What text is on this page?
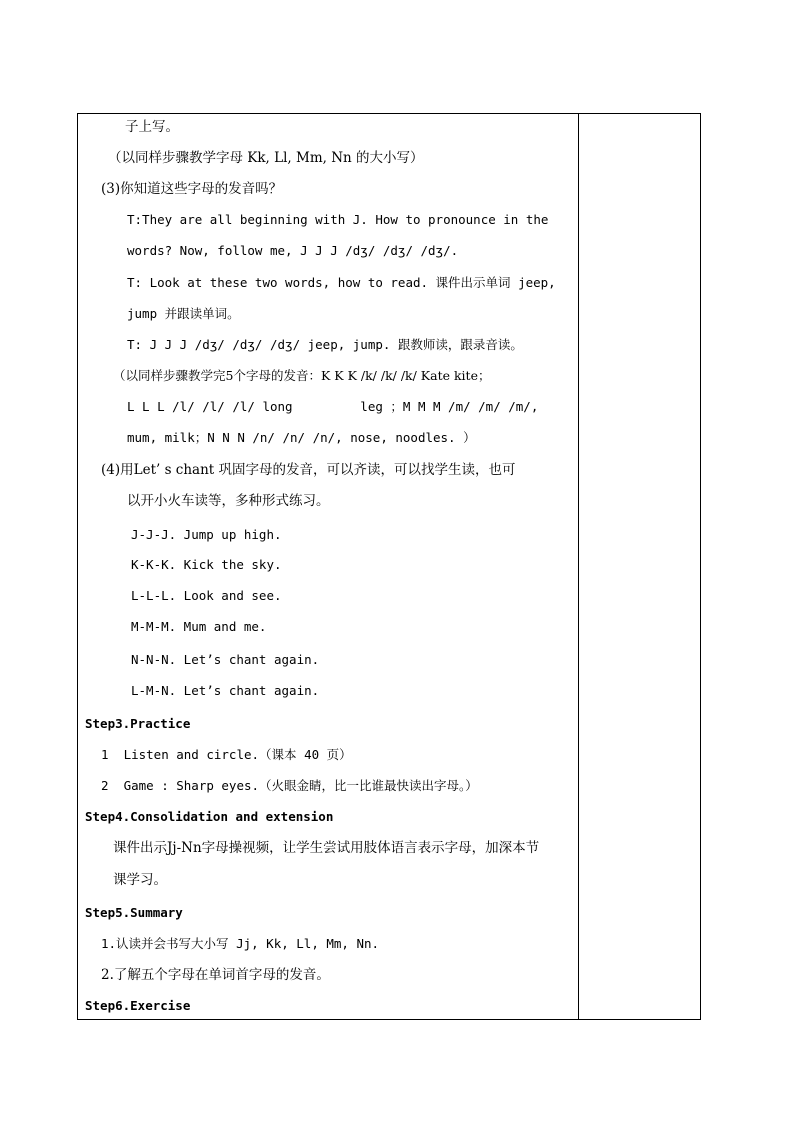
子上写。
（以同样步骤教学字母 Kk, Ll, Mm, Nn 的大小写）
(3)你知道这些字母的发音吗？
T:They are all beginning with J. How to pronounce in the
words? Now, follow me, J J J /dʒ/ /dʒ/ /dʒ/.
T: Look at these two words, how to read. 课件出示单词 jeep,
jump 并跟读单词。
T: J J J /dʒ/ /dʒ/ /dʒ/ jeep, jump. 跟教师读，跟录音读。
（以同样步骤教学完5个字母的发音：K K K /k/ /k/ /k/ Kate kite；
L L L /l/ /l/ /l/ long         leg ；M M M /m/ /m/ /m/,
mum, milk；N N N /n/ /n/ /n/, nose, noodles. ）
(4)用Let’ s chant 巩固字母的发音，可以齐读，可以找学生读，也可
以开小火车读等，多种形式练习。
J-J-J. Jump up high.
K-K-K. Kick the sky.
L-L-L. Look and see.
M-M-M. Mum and me.
N-N-N. Let’s chant again.
L-M-N. Let’s chant again.
Step3.Practice
1  Listen and circle.（课本 40 页）
2  Game : Sharp eyes.（火眼金睛，比一比谁最快读出字母。）
Step4.Consolidation and extension
课件出示Jj-Nn字母操视频，让学生尝试用肢体语言表示字母，加深本节
课学习。
Step5.Summary
1.认读并会书写大小写 Jj, Kk, Ll, Mm, Nn.
2.了解五个字母在单词首字母的发音。
Step6.Exercise
